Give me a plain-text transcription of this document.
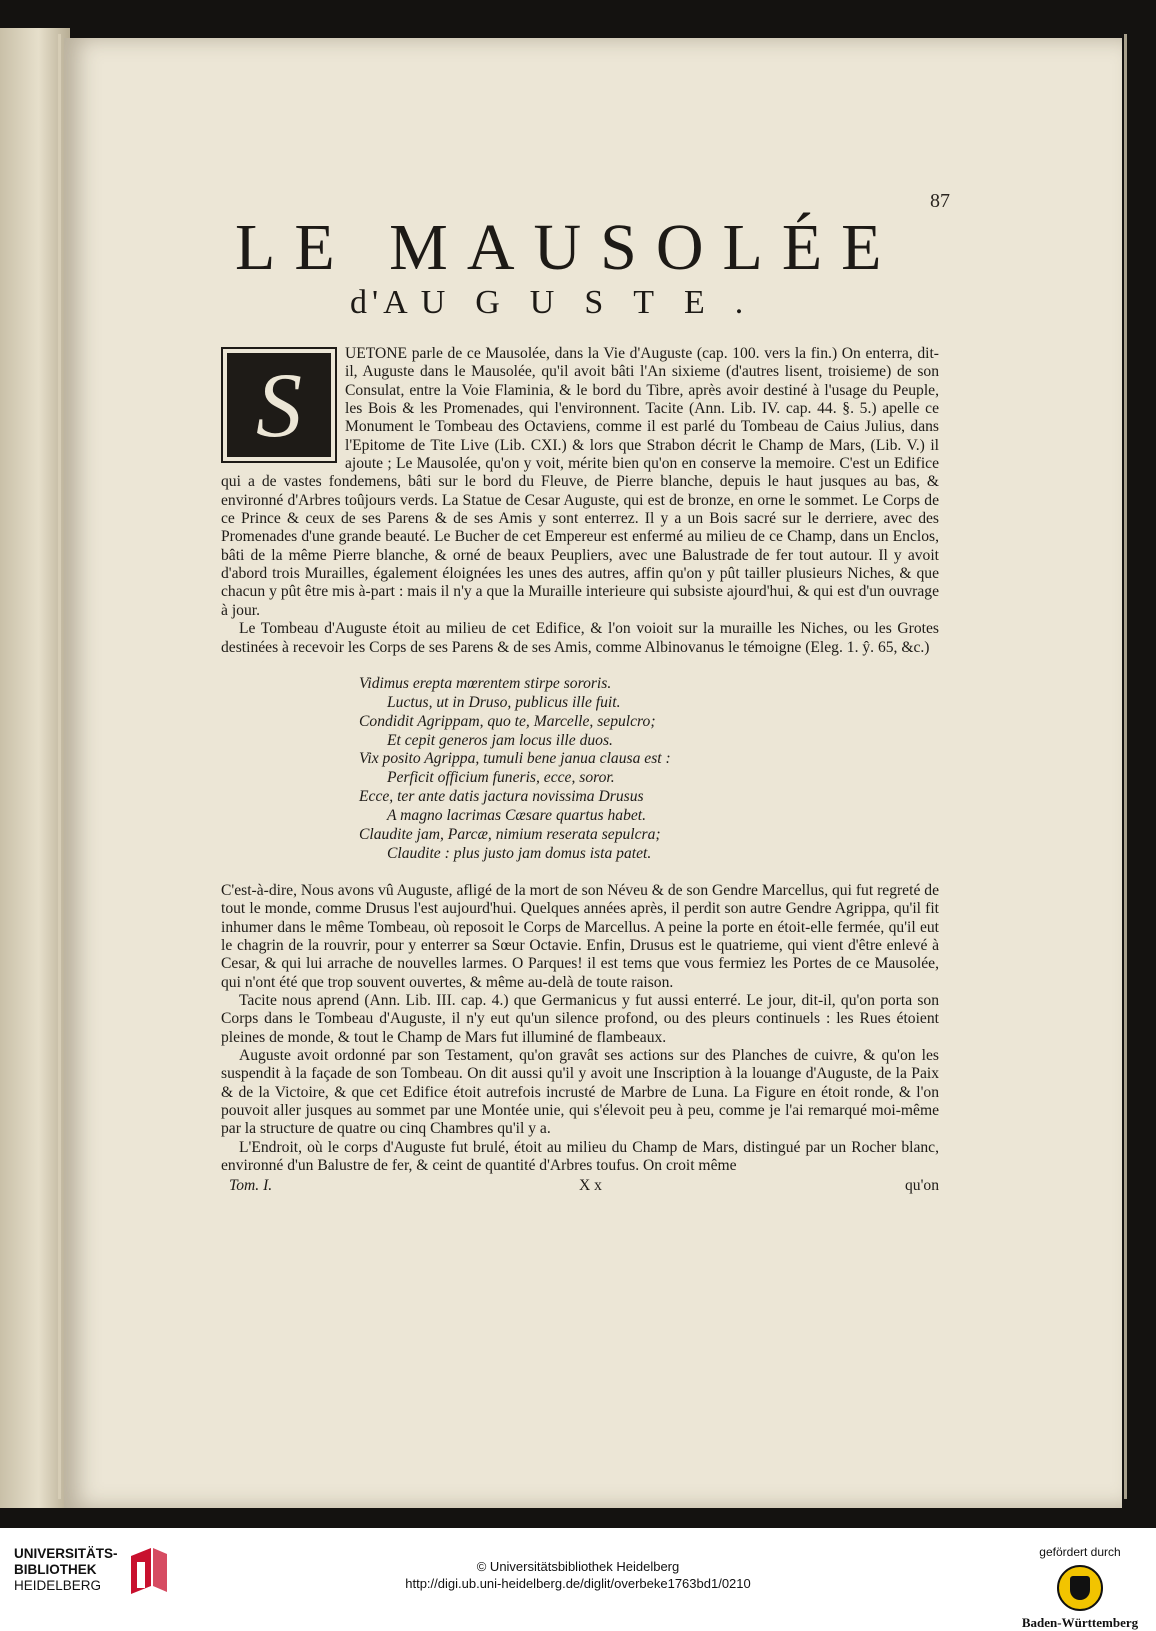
87
LE MAUSOLÉE
d'A UGUSTE.
S

UETONE parle de ce Mausolée, dans la Vie d'Auguste (cap. 100. vers la fin.) On enterra, dit-il, Auguste dans le Mausolée, qu'il avoit bâti l'An sixieme (d'autres lisent, troisieme) de son Consulat, entre la Voie Flaminia, & le bord du Tibre, après avoir destiné à l'usage du Peuple, les Bois & les Promenades, qui l'environnent. Tacite (Ann. Lib. IV. cap. 44. §. 5.) apelle ce Monument le Tombeau des Octaviens, comme il est parlé du Tombeau de Caius Julius, dans l'Epitome de Tite Live (Lib. CXI.) & lors que Strabon décrit le Champ de Mars, (Lib. V.) il ajoute ; Le Mausolée, qu'on y voit, mérite bien qu'on en conserve la memoire. C'est un Edifice qui a de vastes fondemens, bâti sur le bord du Fleuve, de Pierre blanche, depuis le haut jusques au bas, & environné d'Arbres toûjours verds. La Statue de Cesar Auguste, qui est de bronze, en orne le sommet. Le Corps de ce Prince & ceux de ses Parens & de ses Amis y sont enterrez. Il y a un Bois sacré sur le derriere, avec des Promenades d'une grande beauté. Le Bucher de cet Empereur est enfermé au milieu de ce Champ, dans un Enclos, bâti de la même Pierre blanche, & orné de beaux Peupliers, avec une Balustrade de fer tout autour. Il y avoit d'abord trois Murailles, également éloignées les unes des autres, affin qu'on y pût tailler plusieurs Niches, & que chacun y pût être mis à-part : mais il n'y a que la Muraille interieure qui subsiste ajourd'hui, & qui est d'un ouvrage à jour.

Le Tombeau d'Auguste étoit au milieu de cet Edifice, & l'on voioit sur la muraille les Niches, ou les Grotes destinées à recevoir les Corps de ses Parens & de ses Amis, comme Albinovanus le témoigne (Eleg. 1. ŷ. 65, &c.)

Vidimus erepta mœrentem stirpe sororis.
Luctus, ut in Druso, publicus ille fuit.
Condidit Agrippam, quo te, Marcelle, sepulcro;
Et cepit generos jam locus ille duos.
Vix posito Agrippa, tumuli bene janua clausa est :
Perficit officium funeris, ecce, soror.
Ecce, ter ante datis jactura novissima Drusus
A magno lacrimas Cæsare quartus habet.
Claudite jam, Parcæ, nimium reserata sepulcra;
Claudite : plus justo jam domus ista patet.

C'est-à-dire, Nous avons vû Auguste, afligé de la mort de son Néveu & de son Gendre Marcellus, qui fut regreté de tout le monde, comme Drusus l'est aujourd'hui. Quelques années après, il perdit son autre Gendre Agrippa, qu'il fit inhumer dans le même Tombeau, où reposoit le Corps de Marcellus. A peine la porte en étoit-elle fermée, qu'il eut le chagrin de la rouvrir, pour y enterrer sa Sœur Octavie. Enfin, Drusus est le quatrieme, qui vient d'être enlevé à Cesar, & qui lui arrache de nouvelles larmes. O Parques! il est tems que vous fermiez les Portes de ce Mausolée, qui n'ont été que trop souvent ouvertes, & même au-delà de toute raison.

Tacite nous aprend (Ann. Lib. III. cap. 4.) que Germanicus y fut aussi enterré. Le jour, dit-il, qu'on porta son Corps dans le Tombeau d'Auguste, il n'y eut qu'un silence profond, ou des pleurs continuels : les Rues étoient pleines de monde, & tout le Champ de Mars fut illuminé de flambeaux.

Auguste avoit ordonné par son Testament, qu'on gravât ses actions sur des Planches de cuivre, & qu'on les suspendit à la façade de son Tombeau. On dit aussi qu'il y avoit une Inscription à la louange d'Auguste, de la Paix & de la Victoire, & que cet Edifice étoit autrefois incrusté de Marbre de Luna. La Figure en étoit ronde, & l'on pouvoit aller jusques au sommet par une Montée unie, qui s'élevoit peu à peu, comme je l'ai remarqué moi-même par la structure de quatre ou cinq Chambres qu'il y a.

L'Endroit, où le corps d'Auguste fut brulé, étoit au milieu du Champ de Mars, distingué par un Rocher blanc, environné d'un Balustre de fer, & ceint de quantité d'Arbres toufus. On croit même

Tom. I.	X x	qu'on
UNIVERSITÄTS-
BIBLIOTHEK
HEIDELBERG
© Universitätsbibliothek Heidelberg
http://digi.ub.uni-heidelberg.de/diglit/overbeke1763bd1/0210
gefördert durch
Baden-Württemberg
